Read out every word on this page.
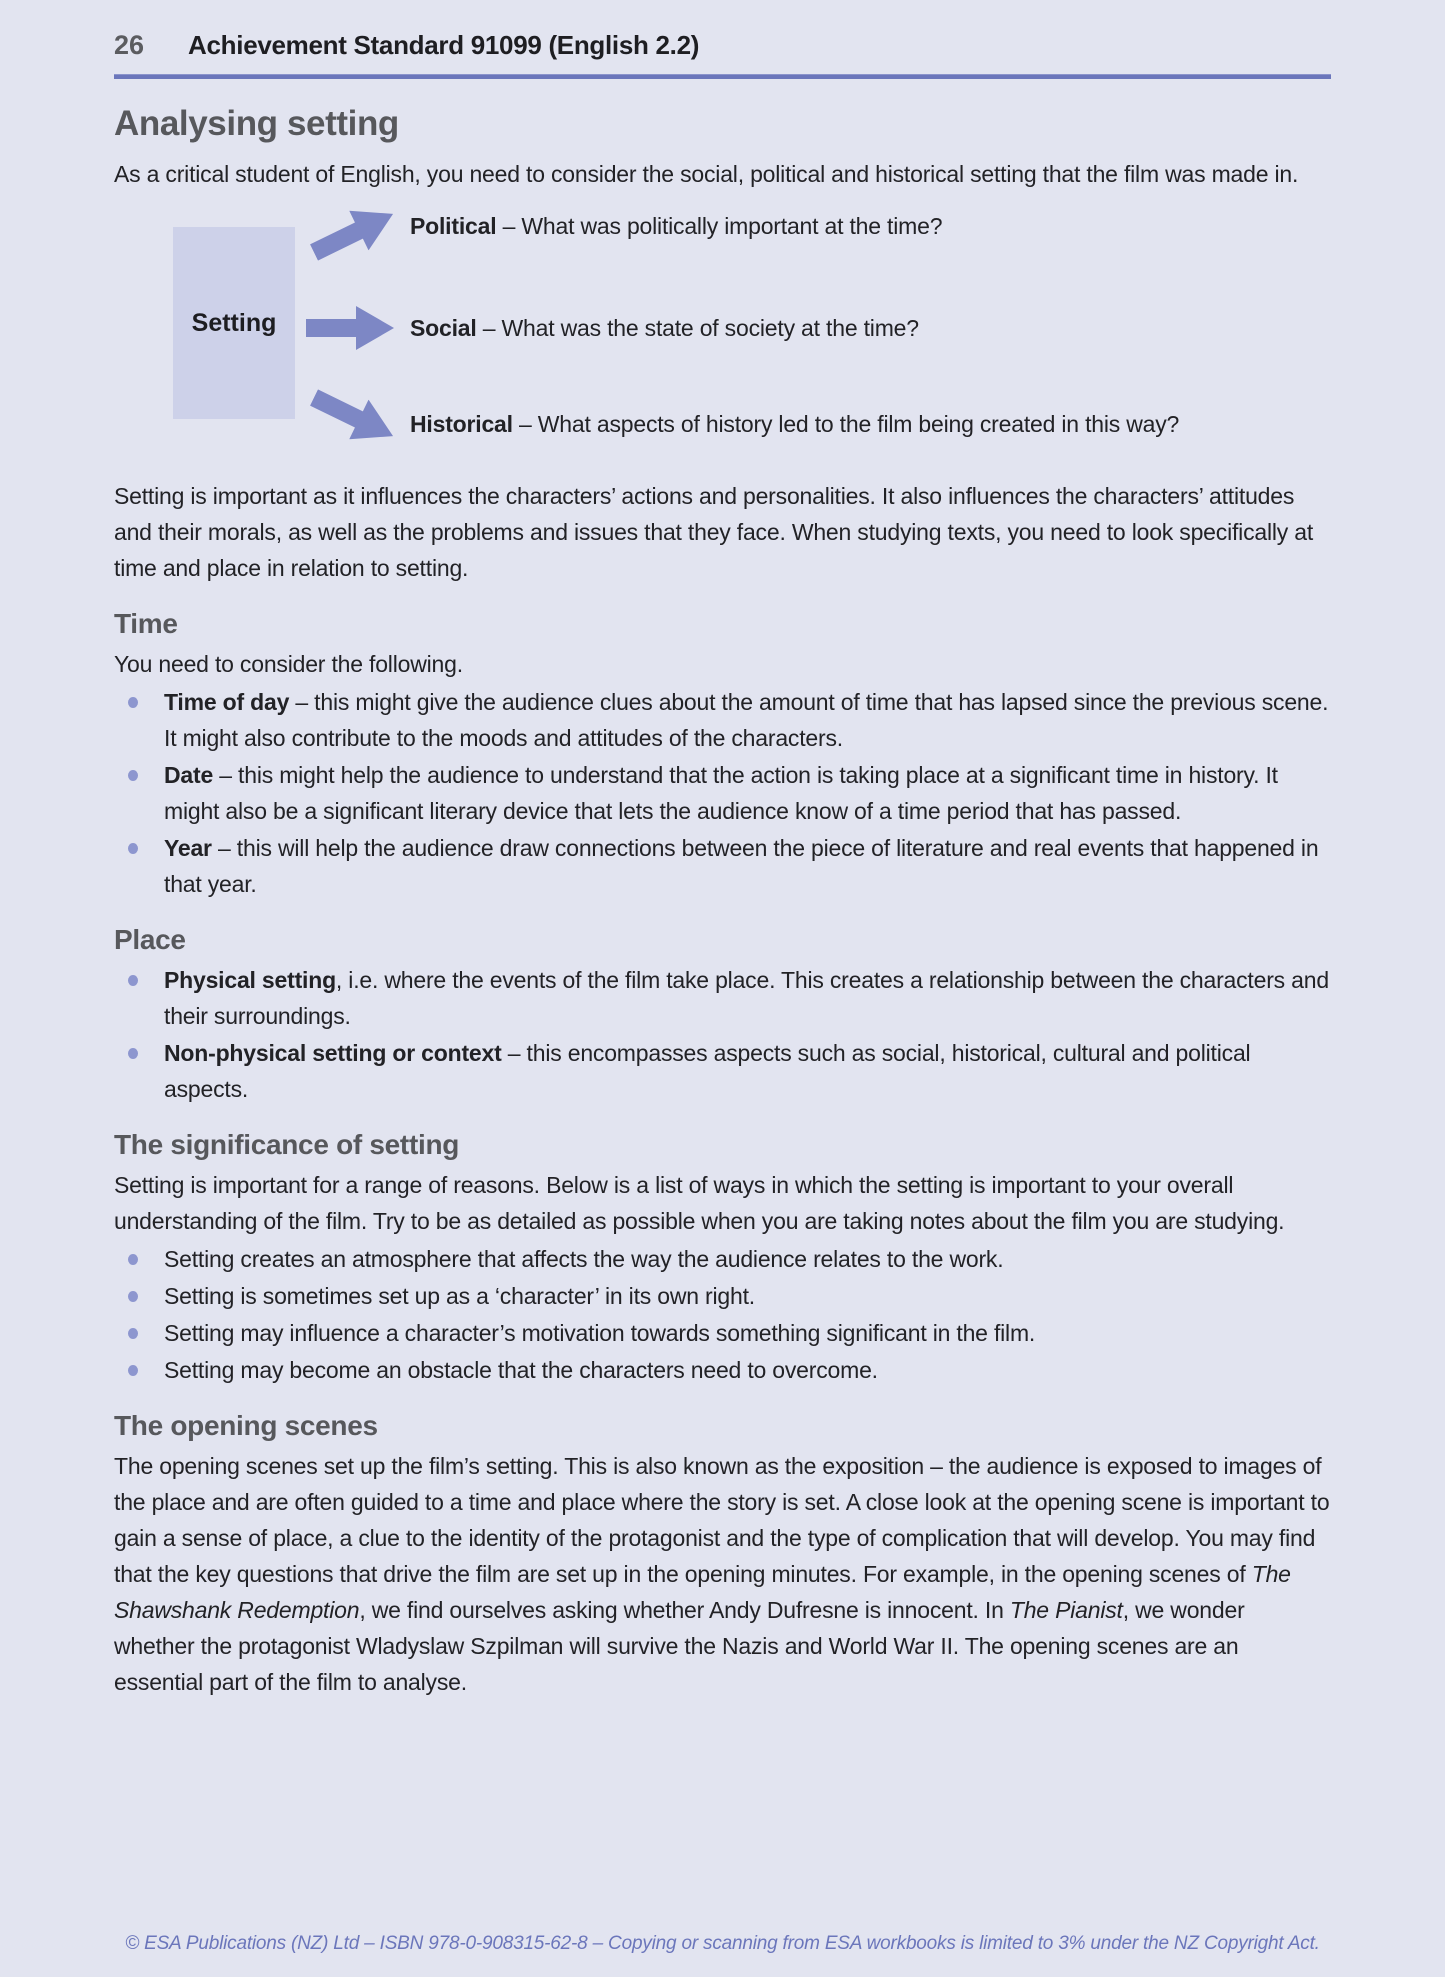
26 Achievement Standard 91099 (English 2.2)
Analysing setting

As a critical student of English, you need to consider the social, political and historical setting that the film was made in.

Setting
Political – What was politically important at the time?
Social – What was the state of society at the time?
Historical – What aspects of history led to the film being created in this way?

Setting is important as it influences the characters’ actions and personalities. It also influences the characters’ attitudes and their morals, as well as the problems and issues that they face. When studying texts, you need to look specifically at time and place in relation to setting.

Time

You need to consider the following.

Time of day – this might give the audience clues about the amount of time that has lapsed since the previous scene. It might also contribute to the moods and attitudes of the characters.
Date – this might help the audience to understand that the action is taking place at a significant time in history. It might also be a significant literary device that lets the audience know of a time period that has passed.
Year – this will help the audience draw connections between the piece of literature and real events that happened in that year.
Place
Physical setting, i.e. where the events of the film take place. This creates a relationship between the characters and their surroundings.
Non-physical setting or context – this encompasses aspects such as social, historical, cultural and political aspects.
The significance of setting

Setting is important for a range of reasons. Below is a list of ways in which the setting is important to your overall understanding of the film. Try to be as detailed as possible when you are taking notes about the film you are studying.

Setting creates an atmosphere that affects the way the audience relates to the work.
Setting is sometimes set up as a ‘character’ in its own right.
Setting may influence a character’s motivation towards something significant in the film.
Setting may become an obstacle that the characters need to overcome.
The opening scenes

The opening scenes set up the film’s setting. This is also known as the exposition – the audience is exposed to images of the place and are often guided to a time and place where the story is set. A close look at the opening scene is important to gain a sense of place, a clue to the identity of the protagonist and the type of complication that will develop. You may find that the key questions that drive the film are set up in the opening minutes. For example, in the opening scenes of The Shawshank Redemption, we find ourselves asking whether Andy Dufresne is innocent. In The Pianist, we wonder whether the protagonist Wladyslaw Szpilman will survive the Nazis and World War II. The opening scenes are an essential part of the film to analyse.

© ESA Publications (NZ) Ltd – ISBN 978-0-908315-62-8 – Copying or scanning from ESA workbooks is limited to 3% under the NZ Copyright Act.
